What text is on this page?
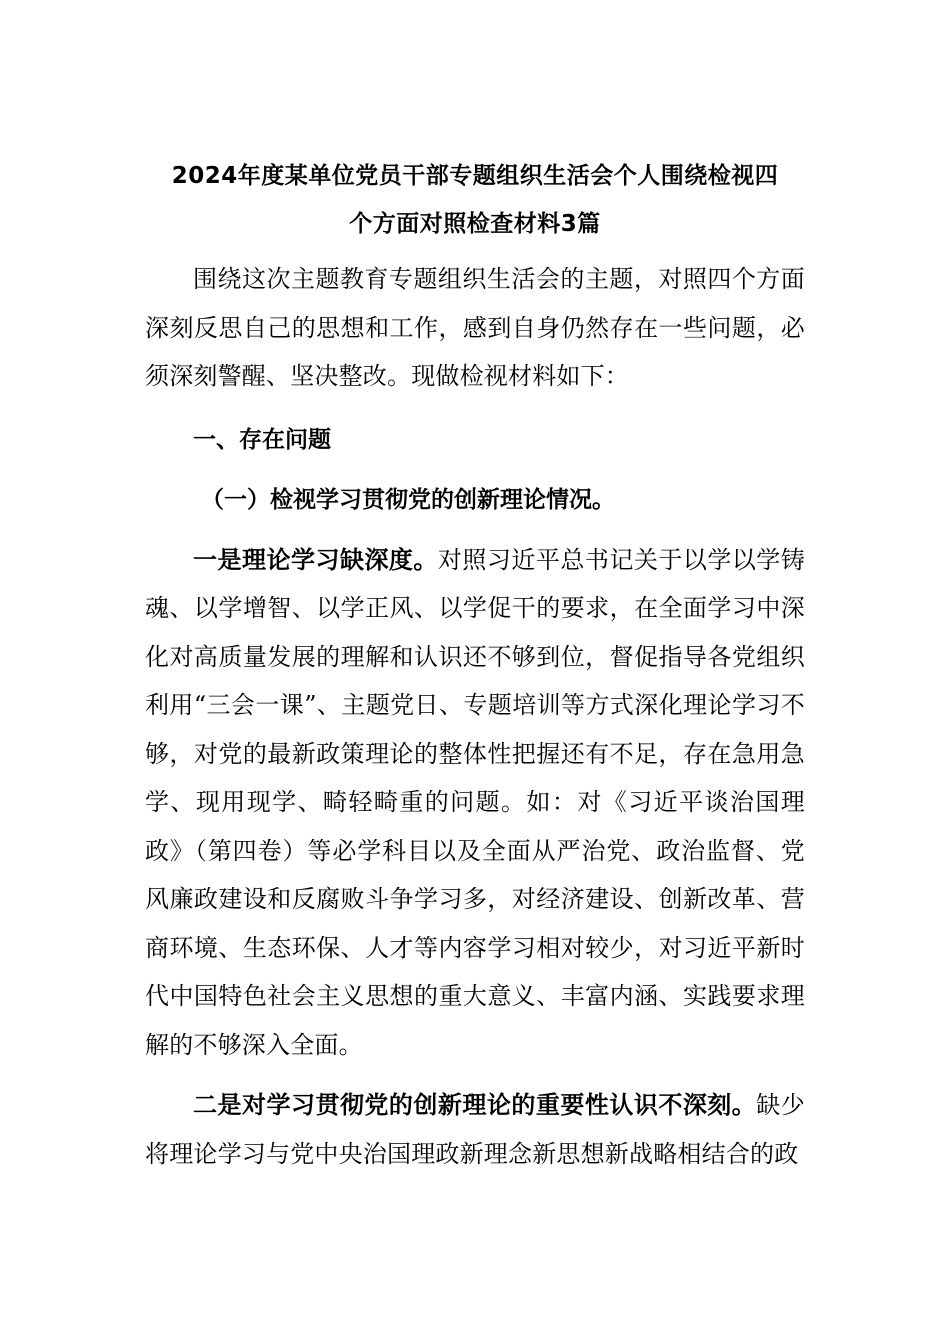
2024年度某单位党员干部专题组织生活会个人围绕检视四
个方面对照检查材料3篇

围绕这次主题教育专题组织生活会的主题，对照四个方面深刻反思自己的思想和工作，感到自身仍然存在一些问题，必须深刻警醒、坚决整改。现做检视材料如下：

一、存在问题

（一）检视学习贯彻党的创新理论情况。

一是理论学习缺深度。对照习近平总书记关于以学以学铸魂、以学增智、以学正风、以学促干的要求，在全面学习中深化对高质量发展的理解和认识还不够到位，督促指导各党组织利用“三会一课”、主题党日、专题培训等方式深化理论学习不够，对党的最新政策理论的整体性把握还有不足，存在急用急学、现用现学、畸轻畸重的问题。如：对《习近平谈治国理政》（第四卷）等必学科目以及全面从严治党、政治监督、党风廉政建设和反腐败斗争学习多，对经济建设、创新改革、营商环境、生态环保、人才等内容学习相对较少，对习近平新时代中国特色社会主义思想的重大意义、丰富内涵、实践要求理解的不够深入全面。

二是对学习贯彻党的创新理论的重要性认识不深刻。缺少将理论学习与党中央治国理政新理念新思想新战略相结合的政
